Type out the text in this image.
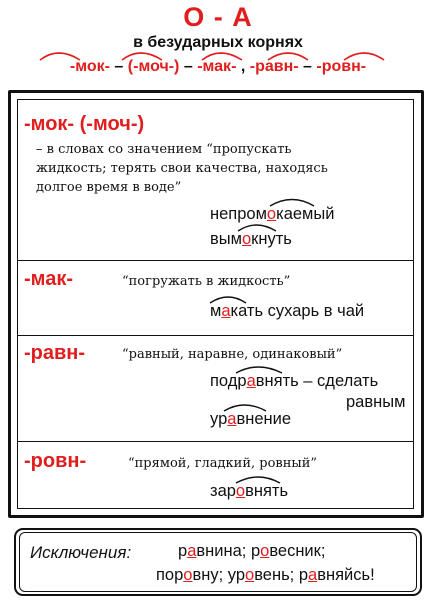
О - А
в безударных корнях
-мок- – (-моч-) – -мак- , -равн- – -ровн-
-мок- (-моч-)
– в словах со значением “пропускать
жидкость; терять свои качества, находясь
долгое время в воде”
непромокаемый
вымокнуть
-мак-	“погружать в жидкость”
макать сухарь в чай
-равн-	“равный, наравне, одинаковый”
подравнять – сделать
равным
уравнение
-ровн-	“прямой, гладкий, ровный”
заровнять
Исключения:	равнина; ровесник;
поровну; уровень; равняйсь!
